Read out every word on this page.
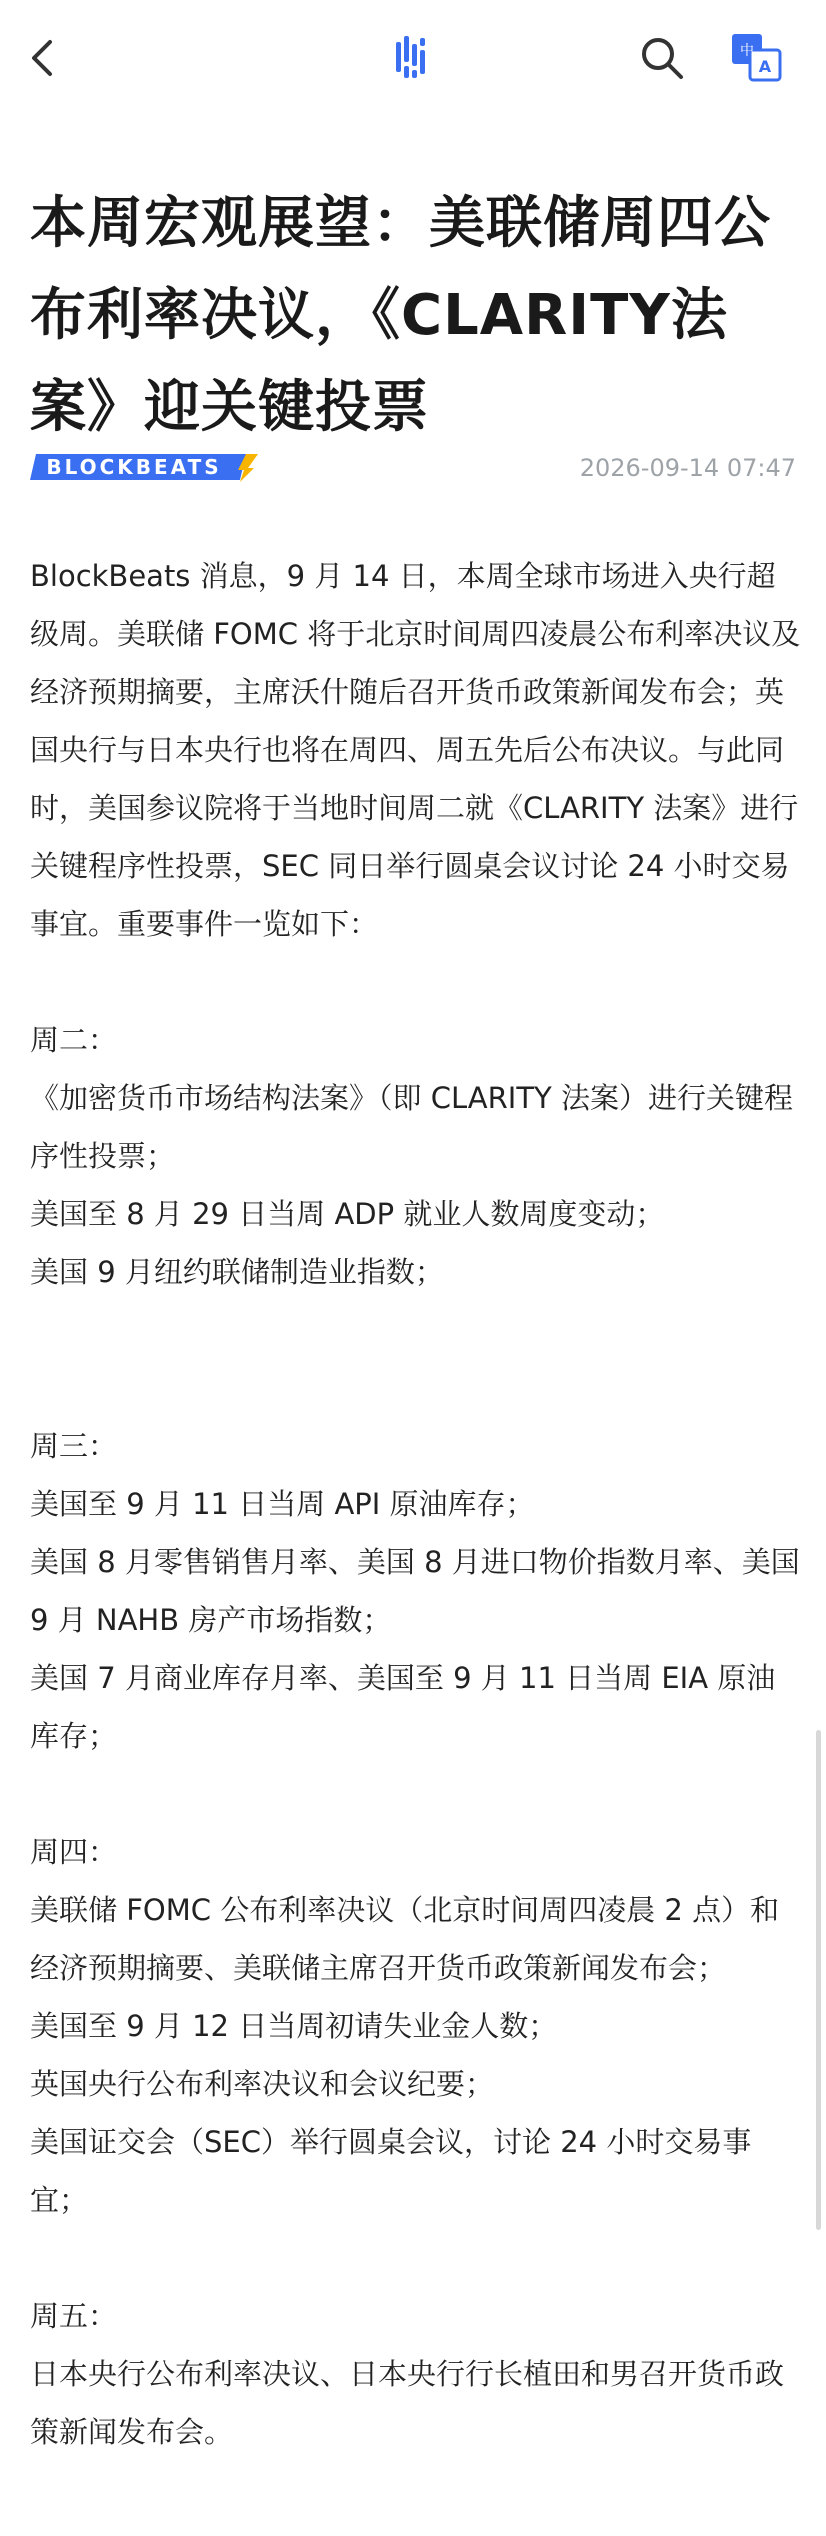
中
A
本周宏观展望：美联储周四公布利率决议，《CLARITY法案》迎关键投票
BLOCKBEATS	2026-09-14 07:47

BlockBeats 消息，9 月 14 日，本周全球市场进入央行超级周。美联储 FOMC 将于北京时间周四凌晨公布利率决议及经济预期摘要，主席沃什随后召开货币政策新闻发布会；英国央行与日本央行也将在周四、周五先后公布决议。与此同时，美国参议院将于当地时间周二就《CLARITY 法案》进行关键程序性投票，SEC 同日举行圆桌会议讨论 24 小时交易事宜。重要事件一览如下：

周二：

《加密货币市场结构法案》（即 CLARITY 法案）进行关键程序性投票；

美国至 8 月 29 日当周 ADP 就业人数周度变动；

美国 9 月纽约联储制造业指数；

周三：

美国至 9 月 11 日当周 API 原油库存；

美国 8 月零售销售月率、美国 8 月进口物价指数月率、美国 9 月 NAHB 房产市场指数；

美国 7 月商业库存月率、美国至 9 月 11 日当周 EIA 原油库存；

周四：

美联储 FOMC 公布利率决议（北京时间周四凌晨 2 点）和经济预期摘要、美联储主席召开货币政策新闻发布会；

美国至 9 月 12 日当周初请失业金人数；

英国央行公布利率决议和会议纪要；

美国证交会（SEC）举行圆桌会议，讨论 24 小时交易事宜；

周五：

日本央行公布利率决议、日本央行行长植田和男召开货币政策新闻发布会。
